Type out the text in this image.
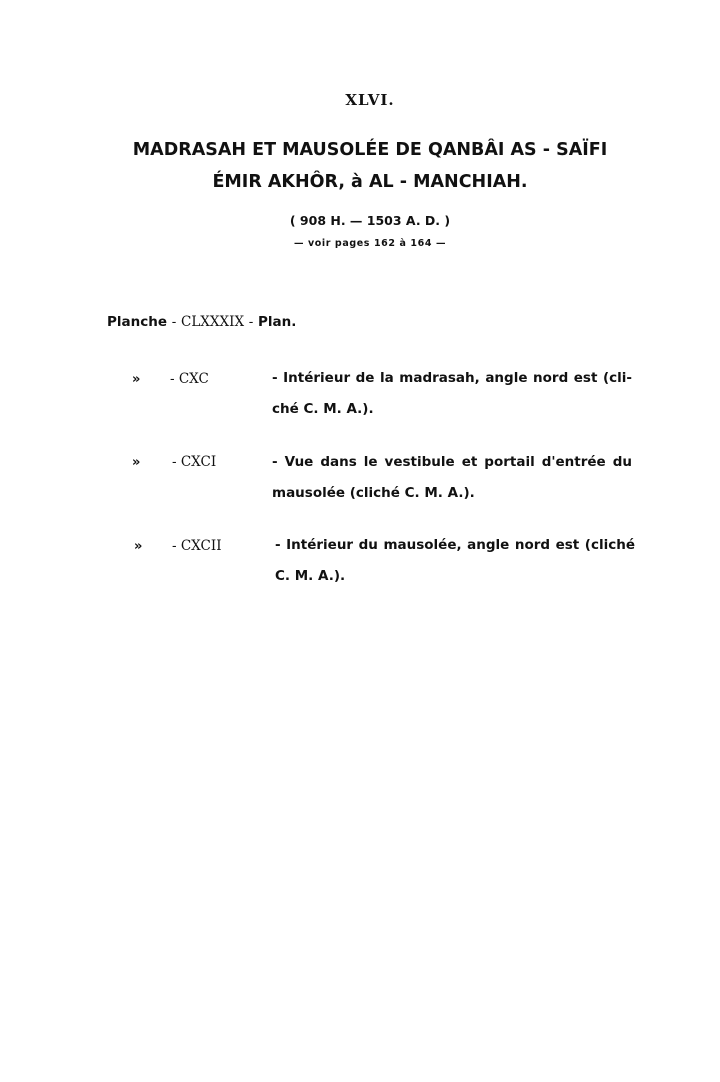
XLVI.
MADRASAH ET MAUSOLÉE DE QANBÂI AS - SAÏFI
ÉMIR AKHÔR, à AL - MANCHIAH.
( 908 H. — 1503 A. D. )
— voir pages 162 à 164 —
Planche - CLXXXIX - Plan.
» - CXC	- Intérieur de la madrasah, angle nord est (cli- ché C. M. A.).
» - CXCI	- Vue dans le vestibule et portail d'entrée du mausolée (cliché C. M. A.).
» - CXCII	- Intérieur du mausolée, angle nord est (cliché C. M. A.).
